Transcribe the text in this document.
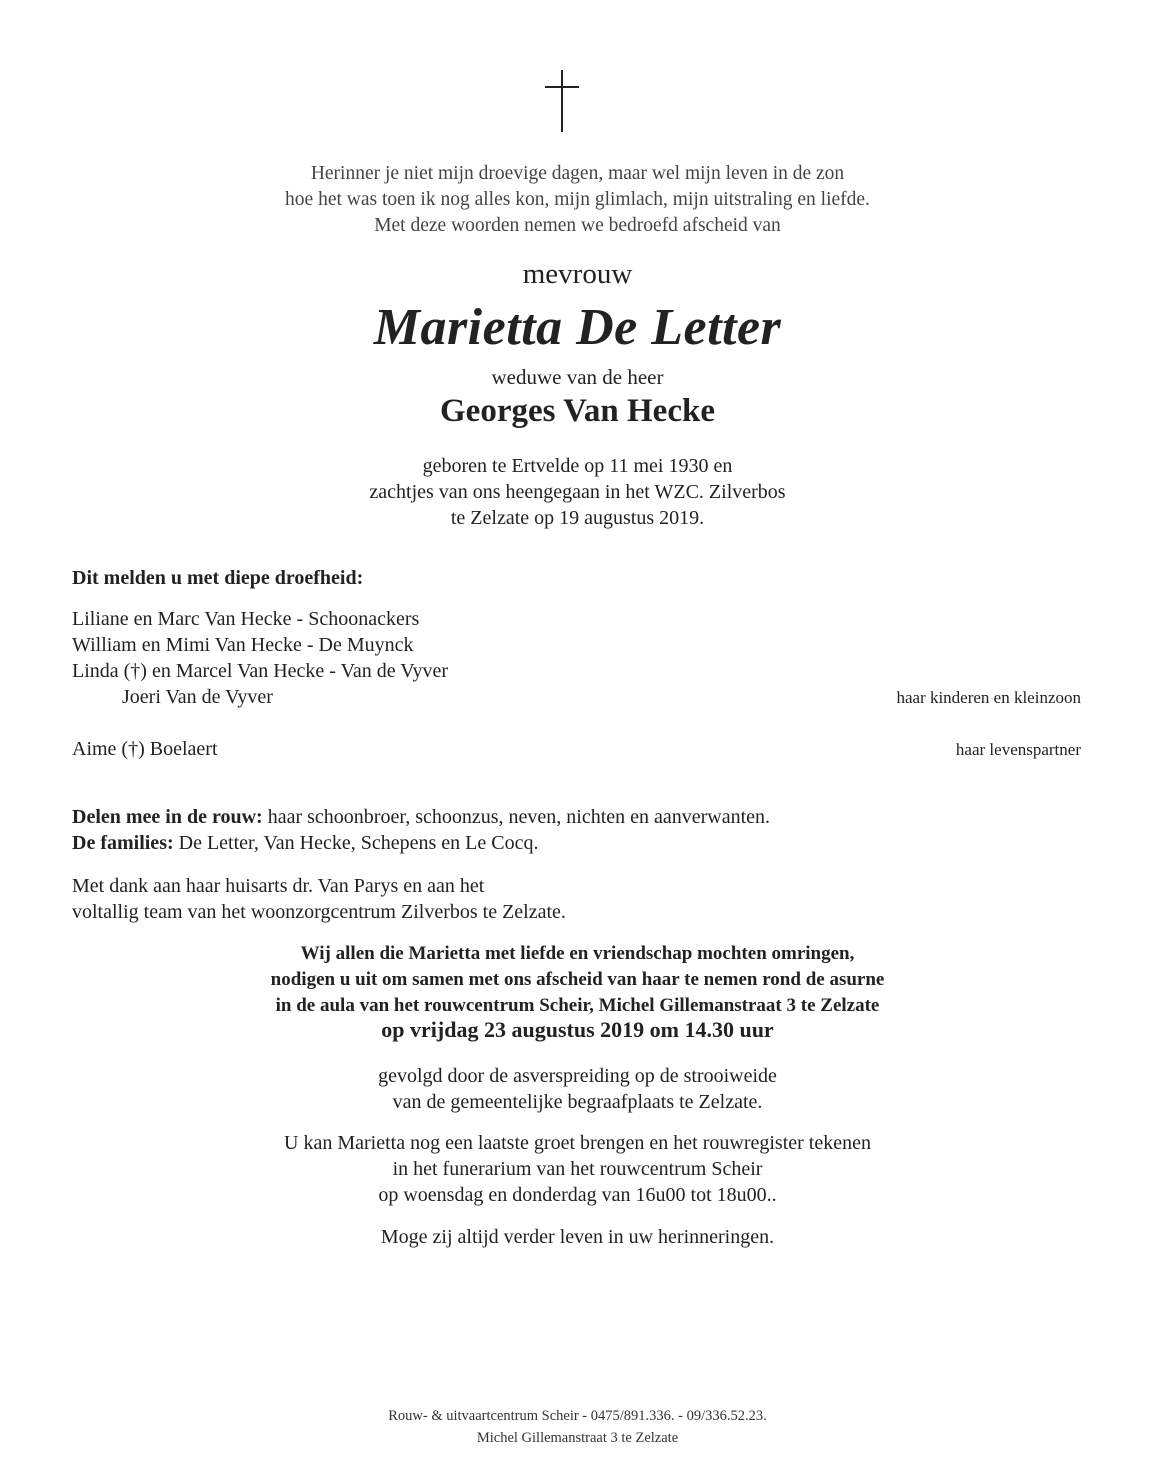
Herinner je niet mijn droevige dagen, maar wel mijn leven in de zon
hoe het was toen ik nog alles kon, mijn glimlach, mijn uitstraling en liefde.
Met deze woorden nemen we bedroefd afscheid van
mevrouw
Marietta De Letter
weduwe van de heer
Georges Van Hecke
geboren te Ertvelde op 11 mei 1930 en
zachtjes van ons heengegaan in het WZC. Zilverbos
te Zelzate op 19 augustus 2019.
Dit melden u met diepe droefheid:
Liliane en Marc Van Hecke - Schoonackers
William en Mimi Van Hecke - De Muynck
Linda (†) en Marcel Van Hecke - Van de Vyver
Joeri Van de Vyver	haar kinderen en kleinzoon
Aime (†) Boelaert	haar levenspartner
Delen mee in de rouw: haar schoonbroer, schoonzus, neven, nichten en aanverwanten.
De families: De Letter, Van Hecke, Schepens en Le Cocq.
Met dank aan haar huisarts dr. Van Parys en aan het
voltallig team van het woonzorgcentrum Zilverbos te Zelzate.
Wij allen die Marietta met liefde en vriendschap mochten omringen,
nodigen u uit om samen met ons afscheid van haar te nemen rond de asurne
in de aula van het rouwcentrum Scheir, Michel Gillemanstraat 3 te Zelzate
op vrijdag 23 augustus 2019 om 14.30 uur
gevolgd door de asverspreiding op de strooiweide
van de gemeentelijke begraafplaats te Zelzate.
U kan Marietta nog een laatste groet brengen en het rouwregister tekenen
in het funerarium van het rouwcentrum Scheir
op woensdag en donderdag van 16u00 tot 18u00..
Moge zij altijd verder leven in uw herinneringen.
Rouw- & uitvaartcentrum Scheir - 0475/891.336. - 09/336.52.23.
Michel Gillemanstraat 3 te Zelzate
